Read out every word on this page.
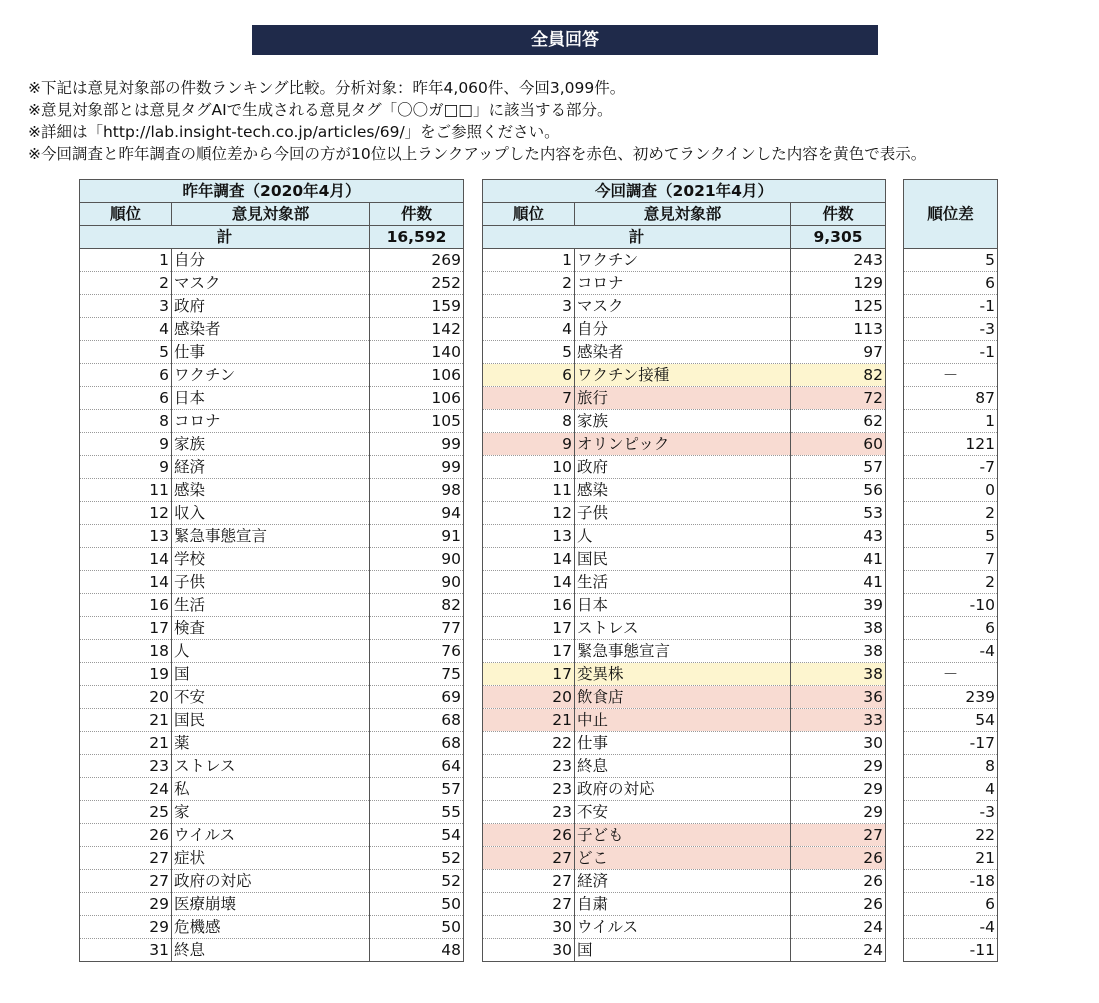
全員回答
※下記は意見対象部の件数ランキング比較。分析対象：昨年4,060件、今回3,099件。
※意見対象部とは意見タグAIで生成される意見タグ「〇〇ガ□□」に該当する部分。
※詳細は「http://lab.insight-tech.co.jp/articles/69/」をご参照ください。
※今回調査と昨年調査の順位差から今回の方が10位以上ランクアップした内容を赤色、初めてランクインした内容を黄色で表示。
昨年調査（2020年4月）		
順位	意見対象部	件数
計		16,592
1	自分	269
2	マスク	252
3	政府	159
4	感染者	142
5	仕事	140
6	ワクチン	106
6	日本	106
8	コロナ	105
9	家族	99
9	経済	99
11	感染	98
12	収入	94
13	緊急事態宣言	91
14	学校	90
14	子供	90
16	生活	82
17	検査	77
18	人	76
19	国	75
20	不安	69
21	国民	68
21	薬	68
23	ストレス	64
24	私	57
25	家	55
26	ウイルス	54
27	症状	52
27	政府の対応	52
29	医療崩壊	50
29	危機感	50
31	終息	48
今回調査（2021年4月）		
順位	意見対象部	件数
計		9,305
1	ワクチン	243
2	コロナ	129
3	マスク	125
4	自分	113
5	感染者	97
6	ワクチン接種	82
7	旅行	72
8	家族	62
9	オリンピック	60
10	政府	57
11	感染	56
12	子供	53
13	人	43
14	国民	41
14	生活	41
16	日本	39
17	ストレス	38
17	緊急事態宣言	38
17	変異株	38
20	飲食店	36
21	中止	33
22	仕事	30
23	終息	29
23	政府の対応	29
23	不安	29
26	子ども	27
27	どこ	26
27	経済	26
27	自粛	26
30	ウイルス	24
30	国	24
順位差
5
6
-1
-3
-1
－
87
1
121
-7
0
2
5
7
2
-10
6
-4
－
239
54
-17
8
4
-3
22
21
-18
6
-4
-11
